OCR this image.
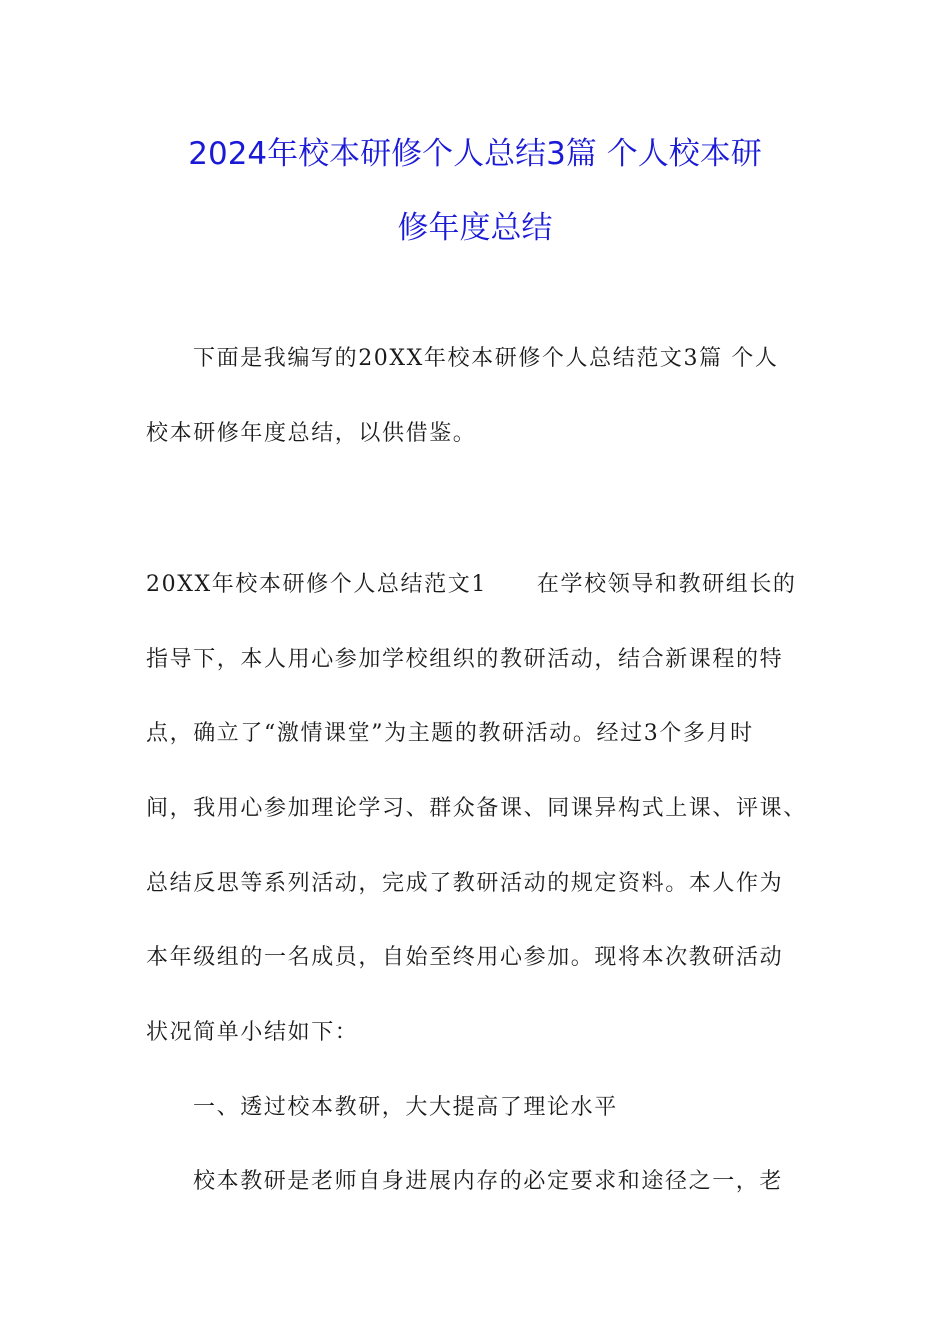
2024年校本研修个人总结3篇 个人校本研
修年度总结
下面是我编写的20XX年校本研修个人总结范文3篇 个人
校本研修年度总结，以供借鉴。
20XX年校本研修个人总结范文1 在学校领导和教研组长的
指导下，本人用心参加学校组织的教研活动，结合新课程的特
点，确立了“激情课堂”为主题的教研活动。经过3个多月时
间，我用心参加理论学习、群众备课、同课异构式上课、评课、
总结反思等系列活动，完成了教研活动的规定资料。本人作为
本年级组的一名成员，自始至终用心参加。现将本次教研活动
状况简单小结如下：
一、透过校本教研，大大提高了理论水平
校本教研是老师自身进展内存的必定要求和途径之一，老
